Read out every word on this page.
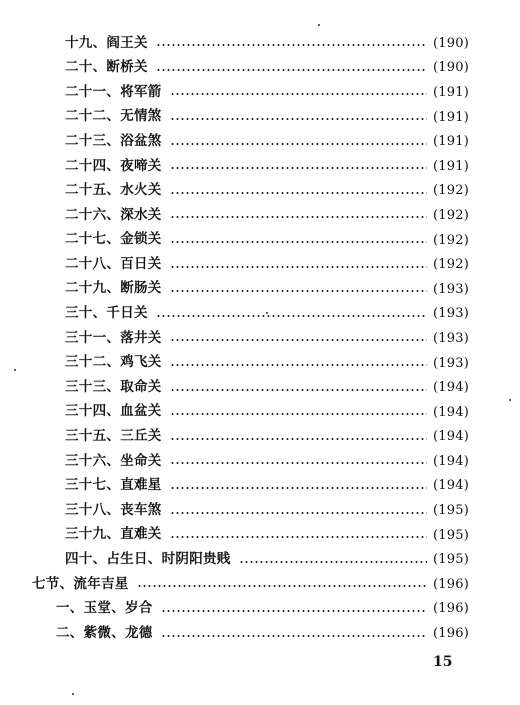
十九、阎王关	(190)
二十、断桥关	(190)
二十一、将军箭	(191)
二十二、无情煞	(191)
二十三、浴盆煞	(191)
二十四、夜啼关	(191)
二十五、水火关	(192)
二十六、深水关	(192)
二十七、金锁关	(192)
二十八、百日关	(192)
二十九、断肠关	(193)
三十、千日关	(193)
三十一、落井关	(193)
三十二、鸡飞关	(193)
三十三、取命关	(194)
三十四、血盆关	(194)
三十五、三丘关	(194)
三十六、坐命关	(194)
三十七、直难星	(194)
三十八、丧车煞	(195)
三十九、直难关	(195)
四十、占生日、时阴阳贵贱	(195)
七节、流年吉星	(196)
一、玉堂、岁合	(196)
二、紫微、龙德	(196)
15
